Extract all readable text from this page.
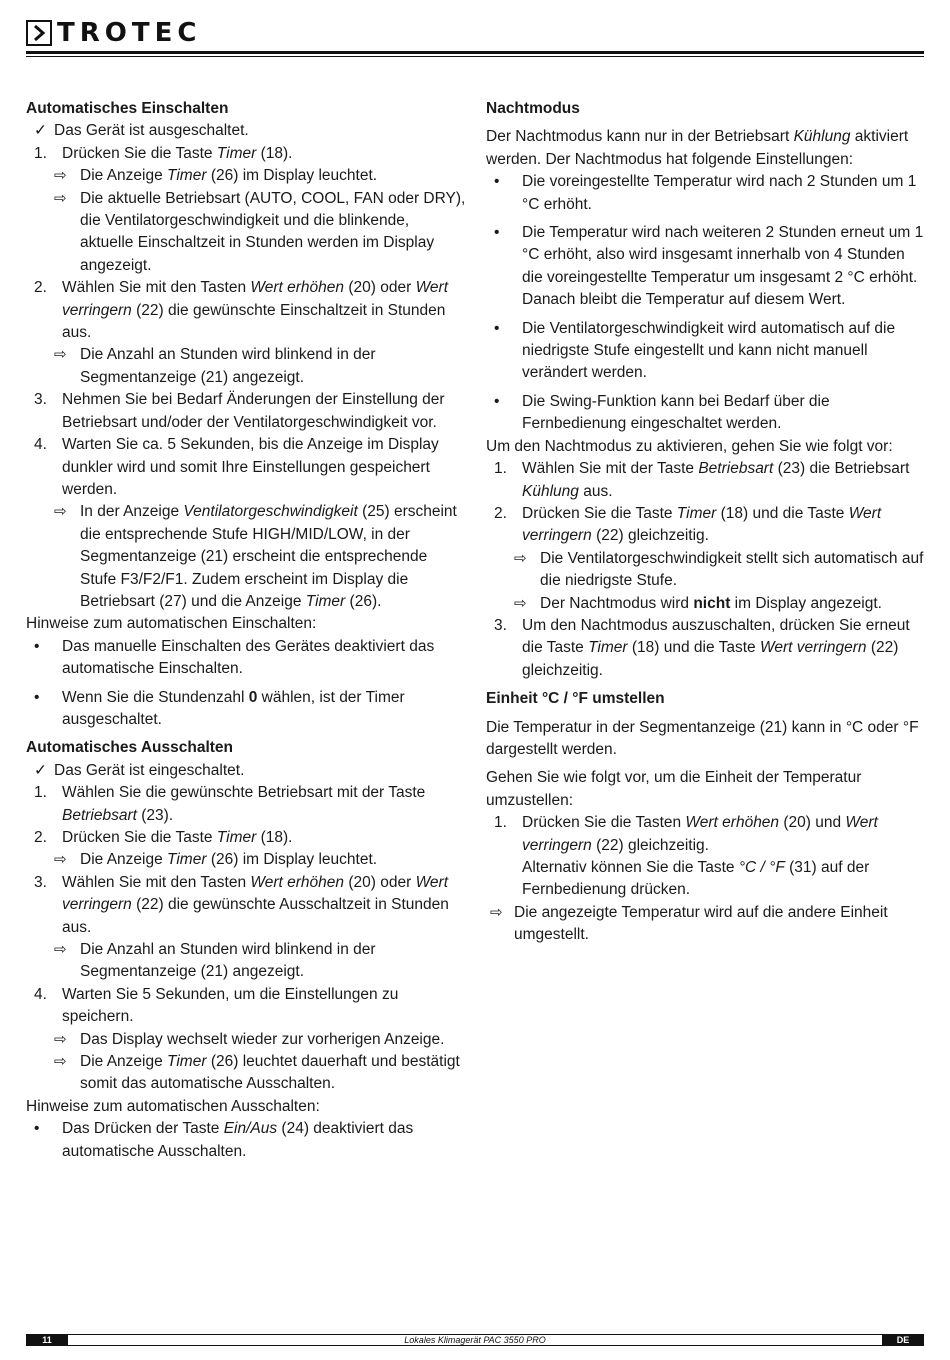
TROTEC

Automatisches Einschalten

✓ Das Gerät ist ausgeschaltet.
1. Drücken Sie die Taste Timer (18).
⇨ Die Anzeige Timer (26) im Display leuchtet.
⇨ Die aktuelle Betriebsart (AUTO, COOL, FAN oder DRY), die Ventilatorgeschwindigkeit und die blinkende, aktuelle Einschaltzeit in Stunden werden im Display angezeigt.
2. Wählen Sie mit den Tasten Wert erhöhen (20) oder Wert verringern (22) die gewünschte Einschaltzeit in Stunden aus.
⇨ Die Anzahl an Stunden wird blinkend in der Segmentanzeige (21) angezeigt.
3. Nehmen Sie bei Bedarf Änderungen der Einstellung der Betriebsart und/oder der Ventilatorgeschwindigkeit vor.
4. Warten Sie ca. 5 Sekunden, bis die Anzeige im Display dunkler wird und somit Ihre Einstellungen gespeichert werden.
⇨ In der Anzeige Ventilatorgeschwindigkeit (25) erscheint die entsprechende Stufe HIGH/MID/LOW, in der Segmentanzeige (21) erscheint die entsprechende Stufe F3/F2/F1. Zudem erscheint im Display die Betriebsart (27) und die Anzeige Timer (26).

Hinweise zum automatischen Einschalten:

•	Das manuelle Einschalten des Gerätes deaktiviert das automatische Einschalten.
•	Wenn Sie die Stundenzahl 0 wählen, ist der Timer ausgeschaltet.

Automatisches Ausschalten

✓ Das Gerät ist eingeschaltet.
1. Wählen Sie die gewünschte Betriebsart mit der Taste Betriebsart (23).
2. Drücken Sie die Taste Timer (18).
⇨ Die Anzeige Timer (26) im Display leuchtet.
3. Wählen Sie mit den Tasten Wert erhöhen (20) oder Wert verringern (22) die gewünschte Ausschaltzeit in Stunden aus.
⇨ Die Anzahl an Stunden wird blinkend in der Segmentanzeige (21) angezeigt.
4. Warten Sie 5 Sekunden, um die Einstellungen zu speichern.
⇨ Das Display wechselt wieder zur vorherigen Anzeige.
⇨ Die Anzeige Timer (26) leuchtet dauerhaft und bestätigt somit das automatische Ausschalten.

Hinweise zum automatischen Ausschalten:

•	Das Drücken der Taste Ein/Aus (24) deaktiviert das automatische Ausschalten.

Nachtmodus

Der Nachtmodus kann nur in der Betriebsart Kühlung aktiviert werden. Der Nachtmodus hat folgende Einstellungen:

•	Die voreingestellte Temperatur wird nach 2 Stunden um 1 °C erhöht.
•	Die Temperatur wird nach weiteren 2 Stunden erneut um 1 °C erhöht, also wird insgesamt innerhalb von 4 Stunden die voreingestellte Temperatur um insgesamt 2 °C erhöht. Danach bleibt die Temperatur auf diesem Wert.
•	Die Ventilatorgeschwindigkeit wird automatisch auf die niedrigste Stufe eingestellt und kann nicht manuell verändert werden.
•	Die Swing-Funktion kann bei Bedarf über die Fernbedienung eingeschaltet werden.

Um den Nachtmodus zu aktivieren, gehen Sie wie folgt vor:

1. Wählen Sie mit der Taste Betriebsart (23) die Betriebsart Kühlung aus.
2. Drücken Sie die Taste Timer (18) und die Taste Wert verringern (22) gleichzeitig.
⇨ Die Ventilatorgeschwindigkeit stellt sich automatisch auf die niedrigste Stufe.
⇨ Der Nachtmodus wird nicht im Display angezeigt.
3. Um den Nachtmodus auszuschalten, drücken Sie erneut die Taste Timer (18) und die Taste Wert verringern (22) gleichzeitig.

Einheit °C / °F umstellen

Die Temperatur in der Segmentanzeige (21) kann in °C oder °F dargestellt werden.

Gehen Sie wie folgt vor, um die Einheit der Temperatur umzustellen:

1. Drücken Sie die Tasten Wert erhöhen (20) und Wert verringern (22) gleichzeitig.
Alternativ können Sie die Taste °C / °F (31) auf der Fernbedienung drücken.
⇨ Die angezeigte Temperatur wird auf die andere Einheit umgestellt.
11	Lokales Klimagerät PAC 3550 PRO	DE
